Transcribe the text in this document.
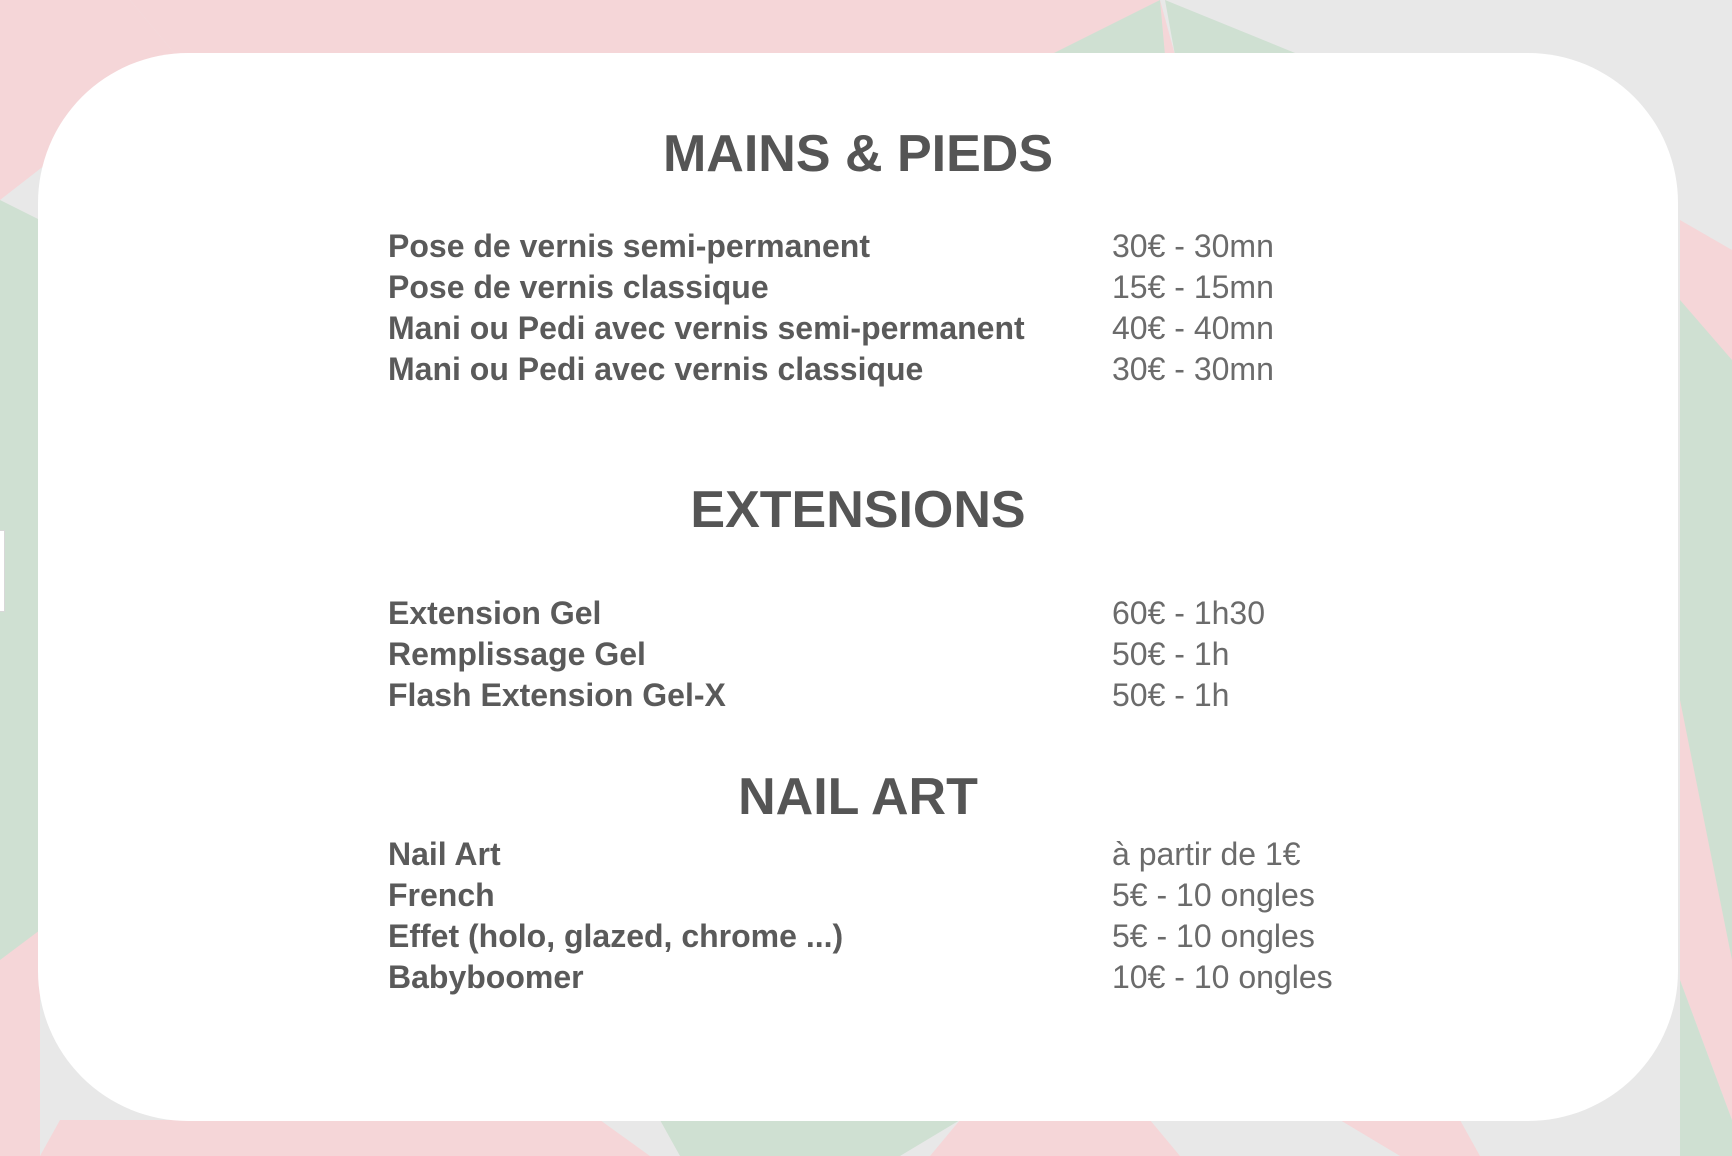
MAINS & PIEDS
Pose de vernis semi-permanent	30€ - 30mn
Pose de vernis classique	15€ - 15mn
Mani ou Pedi avec vernis semi-permanent	40€ - 40mn
Mani ou Pedi avec vernis classique	30€ - 30mn
EXTENSIONS
Extension Gel	60€ - 1h30
Remplissage Gel	50€ - 1h
Flash Extension Gel-X	50€ - 1h
NAIL ART
Nail Art	à partir de 1€
French	5€ - 10 ongles
Effet (holo, glazed, chrome ...)	5€ - 10 ongles
Babyboomer	10€ - 10 ongles
